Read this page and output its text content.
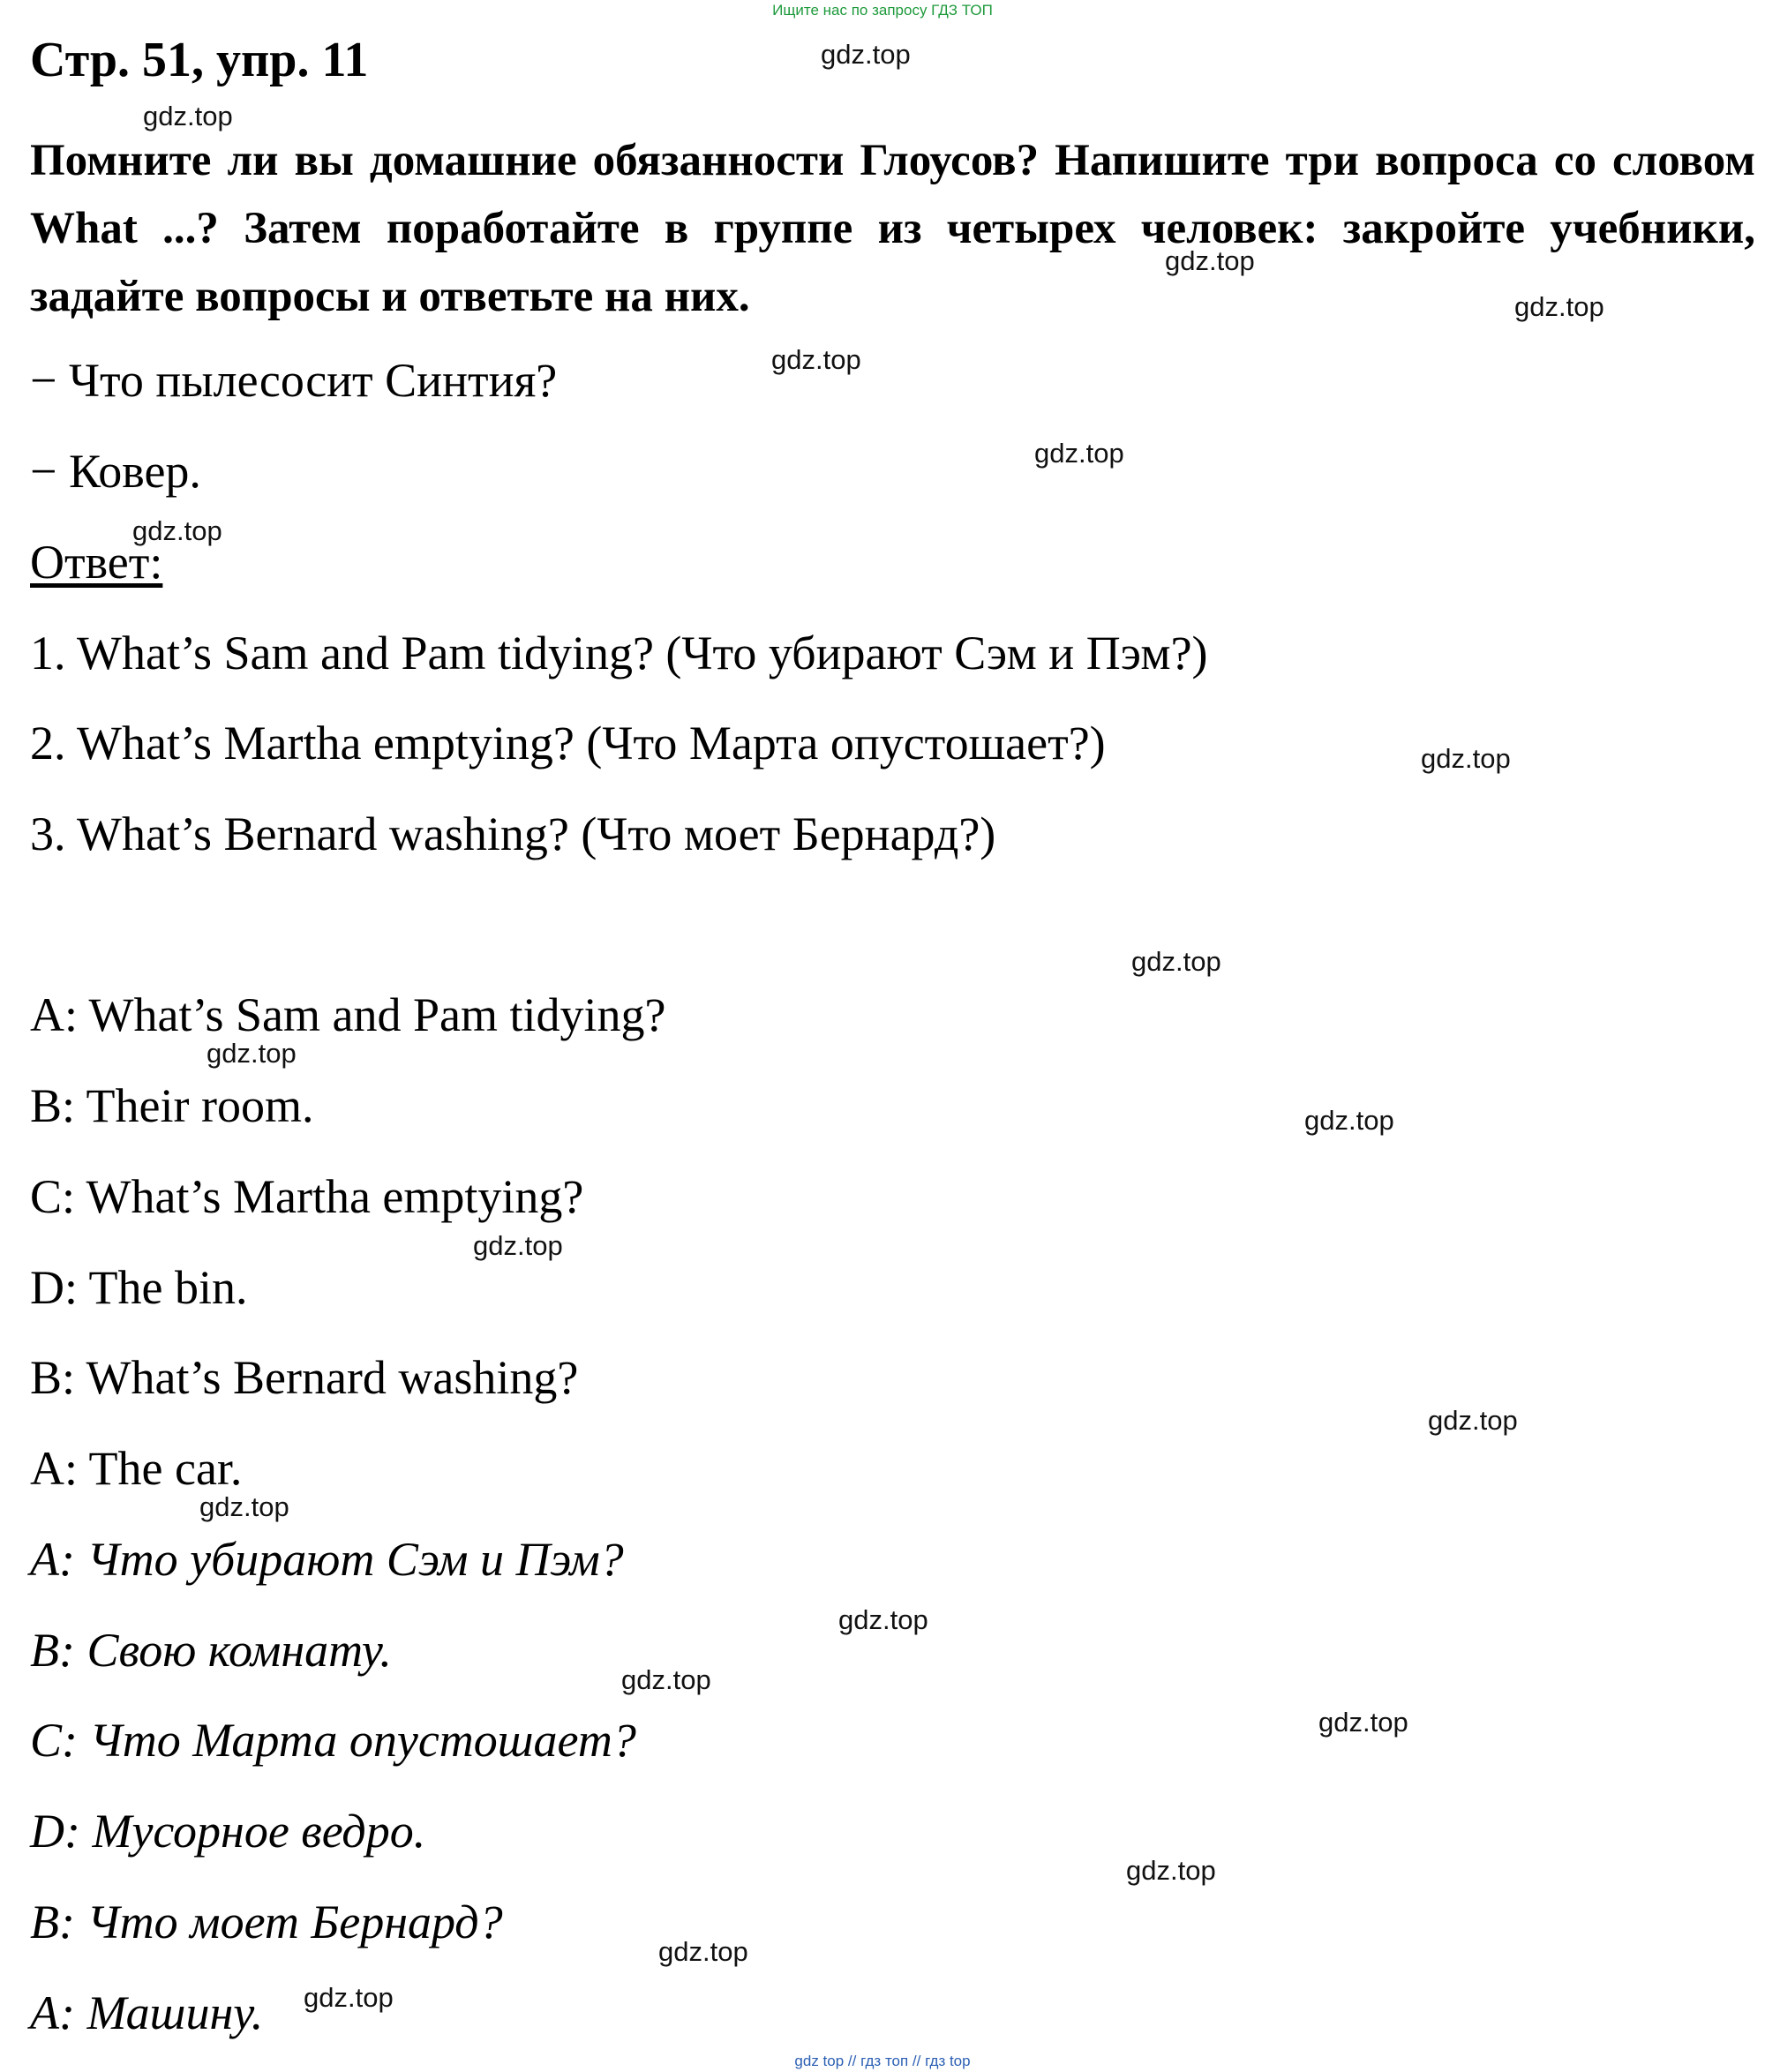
Ищите нас по запросу ГДЗ ТОП
Стр. 51, упр. 11
Помните ли вы домашние обязанности Глоусов? Напишите три вопроса со словом What ...? Затем поработайте в группе из четырех человек: закройте учебники, задайте вопросы и ответьте на них.
− Что пылесосит Синтия?
− Ковер.
Ответ:
1. What’s Sam and Pam tidying? (Что убирают Сэм и Пэм?)
2. What’s Martha emptying? (Что Марта опустошает?)
3. What’s Bernard washing? (Что моет Бернард?)
A: What’s Sam and Pam tidying?
B: Their room.
C: What’s Martha emptying?
D: The bin.
B: What’s Bernard washing?
A: The car.
A: Что убирают Сэм и Пэм?
B: Свою комнату.
C: Что Марта опустошает?
D: Мусорное ведро.
B: Что моет Бернард?
A: Машину.
gdz.top
gdz.top
gdz.top
gdz.top
gdz.top
gdz.top
gdz.top
gdz.top
gdz.top
gdz.top
gdz.top
gdz.top
gdz.top
gdz.top
gdz.top
gdz.top
gdz.top
gdz.top
gdz.top
gdz.top
gdz top // гдз топ // гдз top
